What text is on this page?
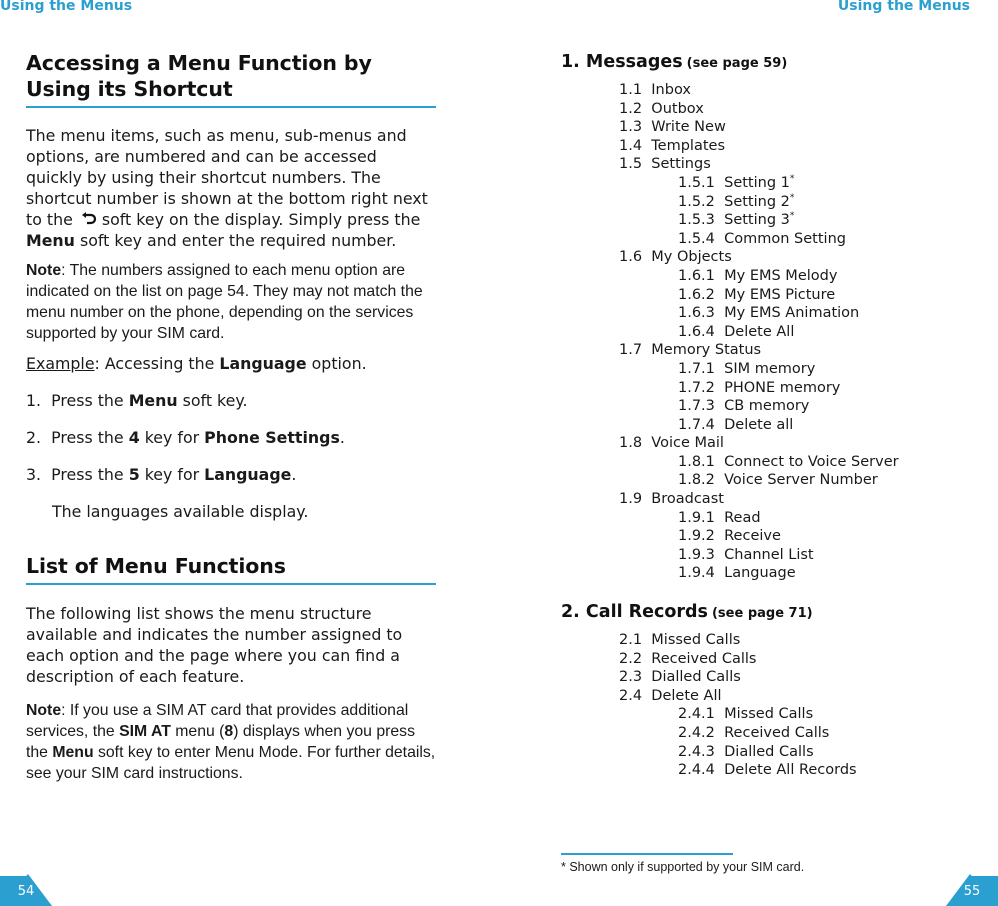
Using the Menus	Using the Menus
Accessing a Menu Function by Using its Shortcut

The menu items, such as menu, sub-menus and options, are numbered and can be accessed quickly by using their shortcut numbers. The shortcut number is shown at the bottom right next to the soft key on the display. Simply press the Menu soft key and enter the required number.

Note: The numbers assigned to each menu option are indicated on the list on page 54. They may not match the menu number on the phone, depending on the services supported by your SIM card.

Example: Accessing the Language option.

1. Press the Menu soft key.

2. Press the 4 key for Phone Settings.

3. Press the 5 key for Language.

The languages available display.

List of Menu Functions

The following list shows the menu structure available and indicates the number assigned to each option and the page where you can find a description of each feature.

Note: If you use a SIM AT card that provides additional services, the SIM AT menu (8) displays when you press the Menu soft key to enter Menu Mode. For further details, see your SIM card instructions.

1. Messages (see page 59)
1.1 Inbox
1.2 Outbox
1.3 Write New
1.4 Templates
1.5 Settings
1.5.1 Setting 1*
1.5.2 Setting 2*
1.5.3 Setting 3*
1.5.4 Common Setting
1.6 My Objects
1.6.1 My EMS Melody
1.6.2 My EMS Picture
1.6.3 My EMS Animation
1.6.4 Delete All
1.7 Memory Status
1.7.1 SIM memory
1.7.2 PHONE memory
1.7.3 CB memory
1.7.4 Delete all
1.8 Voice Mail
1.8.1 Connect to Voice Server
1.8.2 Voice Server Number
1.9 Broadcast
1.9.1 Read
1.9.2 Receive
1.9.3 Channel List
1.9.4 Language
2. Call Records (see page 71)
2.1 Missed Calls
2.2 Received Calls
2.3 Dialled Calls
2.4 Delete All
2.4.1 Missed Calls
2.4.2 Received Calls
2.4.3 Dialled Calls
2.4.4 Delete All Records
* Shown only if supported by your SIM card.
54	55
